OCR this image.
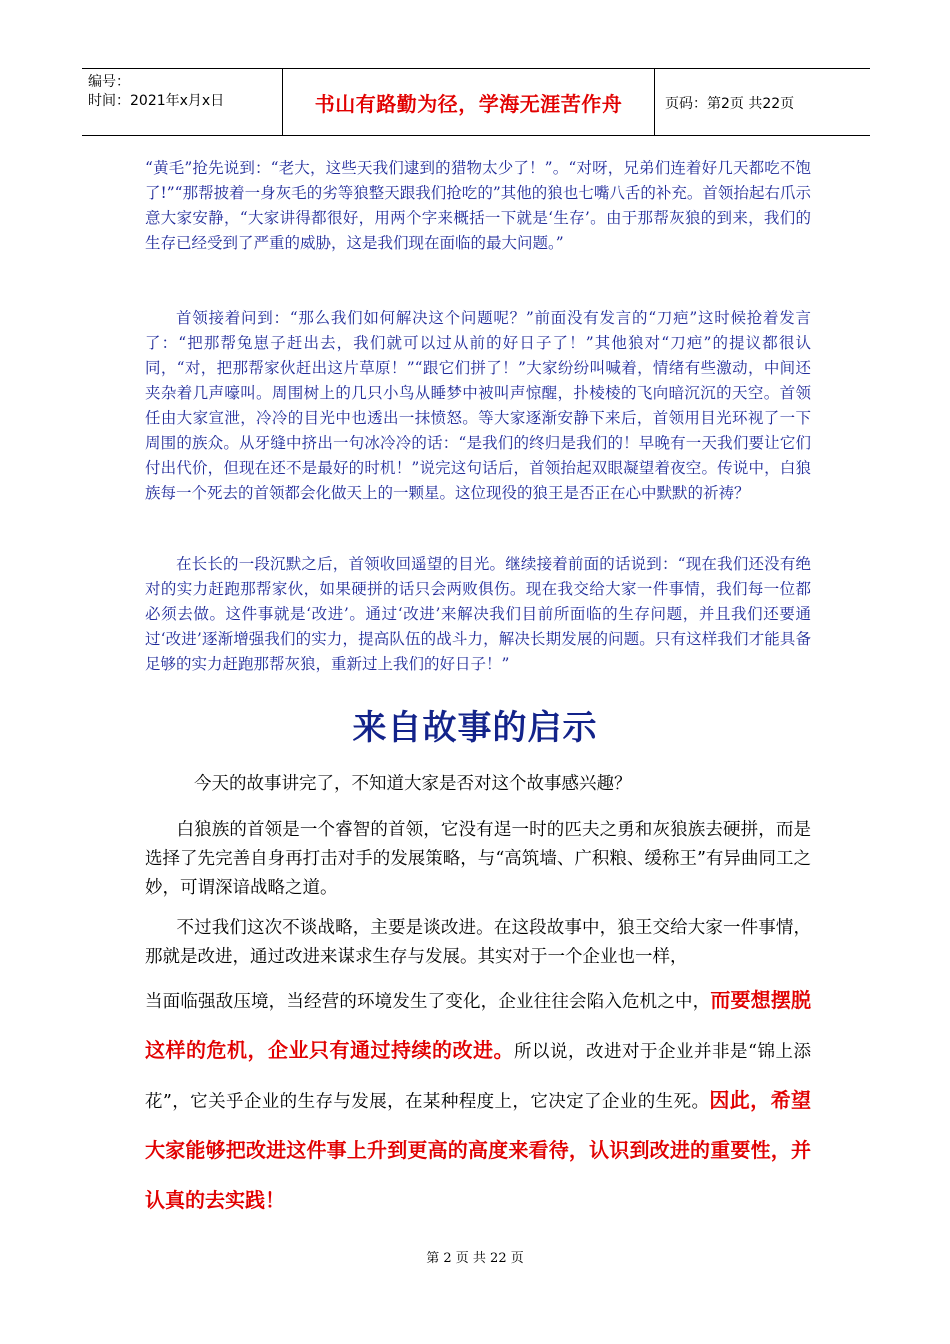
编号：
时间：2021年x月x日	书山有路勤为径，学海无涯苦作舟	页码：第2页 共22页

“黄毛”抢先说到：“老大，这些天我们逮到的猎物太少了！”。“对呀，兄弟们连着好几天都吃不饱了!”“那帮披着一身灰毛的劣等狼整天跟我们抢吃的”其他的狼也七嘴八舌的补充。首领抬起右爪示意大家安静，“大家讲得都很好，用两个字来概括一下就是‘生存’。由于那帮灰狼的到来，我们的生存已经受到了严重的威胁，这是我们现在面临的最大问题。”

首领接着问到：“那么我们如何解决这个问题呢？”前面没有发言的“刀疤”这时候抢着发言了：“把那帮兔崽子赶出去，我们就可以过从前的好日子了！”其他狼对“刀疤”的提议都很认同，“对，把那帮家伙赶出这片草原！”“跟它们拼了！”大家纷纷叫喊着，情绪有些激动，中间还夹杂着几声嚎叫。周围树上的几只小鸟从睡梦中被叫声惊醒，扑棱棱的飞向暗沉沉的天空。首领任由大家宣泄，冷冷的目光中也透出一抹愤怒。等大家逐渐安静下来后，首领用目光环视了一下周围的族众。从牙缝中挤出一句冰冷冷的话：“是我们的终归是我们的！早晚有一天我们要让它们付出代价，但现在还不是最好的时机！”说完这句话后，首领抬起双眼凝望着夜空。传说中，白狼族每一个死去的首领都会化做天上的一颗星。这位现役的狼王是否正在心中默默的祈祷？

在长长的一段沉默之后，首领收回遥望的目光。继续接着前面的话说到：“现在我们还没有绝对的实力赶跑那帮家伙，如果硬拼的话只会两败俱伤。现在我交给大家一件事情，我们每一位都必须去做。这件事就是‘改进’。通过‘改进’来解决我们目前所面临的生存问题，并且我们还要通过‘改进’逐渐增强我们的实力，提高队伍的战斗力，解决长期发展的问题。只有这样我们才能具备足够的实力赶跑那帮灰狼，重新过上我们的好日子！”

来自故事的启示

今天的故事讲完了，不知道大家是否对这个故事感兴趣？

白狼族的首领是一个睿智的首领，它没有逞一时的匹夫之勇和灰狼族去硬拼，而是选择了先完善自身再打击对手的发展策略，与“高筑墙、广积粮、缓称王”有异曲同工之妙，可谓深谙战略之道。

不过我们这次不谈战略，主要是谈改进。在这段故事中，狼王交给大家一件事情，那就是改进，通过改进来谋求生存与发展。其实对于一个企业也一样，

当面临强敌压境，当经营的环境发生了变化，企业往往会陷入危机之中，而要想摆脱这样的危机，企业只有通过持续的改进。所以说，改进对于企业并非是“锦上添花”，它关乎企业的生存与发展，在某种程度上，它决定了企业的生死。因此，希望大家能够把改进这件事上升到更高的高度来看待，认识到改进的重要性，并认真的去实践！

第 2 页 共 22 页
